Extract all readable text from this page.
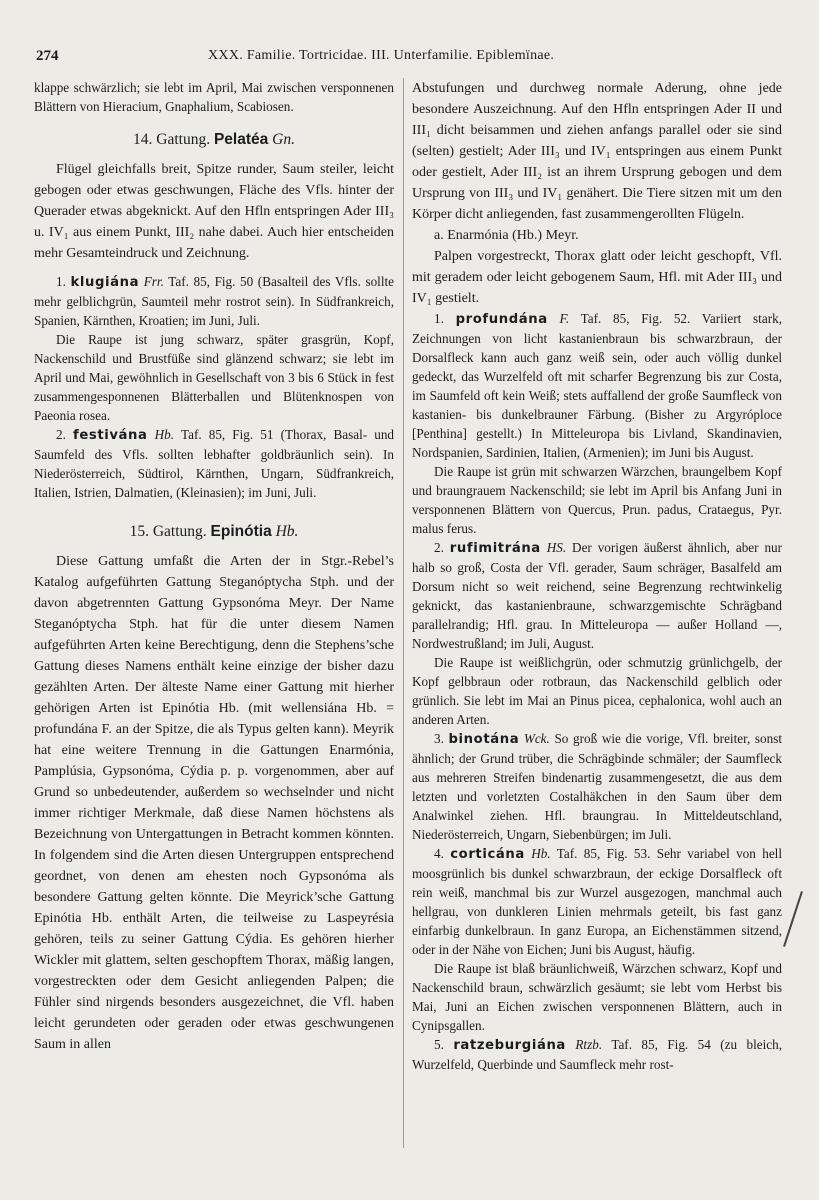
274	XXX. Familie. Tortricidae. III. Unterfamilie. Epiblemïnae.

klappe schwärzlich; sie lebt im April, Mai zwischen versponnenen Blättern von Hieracium, Gnaphalium, Scabiosen.

14. Gattung. Pelatéa Gn.

Flügel gleichfalls breit, Spitze runder, Saum steiler, leicht gebogen oder etwas geschwungen, Fläche des Vfls. hinter der Querader etwas abgeknickt. Auf den Hfln entspringen Ader III₃ u. IV₁ aus einem Punkt, III₂ nahe dabei. Auch hier entscheiden mehr Gesamteindruck und Zeichnung.

1. klugiána Frr. Taf. 85, Fig. 50 (Basalteil des Vfls. sollte mehr gelblichgrün, Saumteil mehr rostrot sein). In Südfrankreich, Spanien, Kärnthen, Kroatien; im Juni, Juli.

Die Raupe ist jung schwarz, später grasgrün, Kopf, Nackenschild und Brustfüße sind glänzend schwarz; sie lebt im April und Mai, gewöhnlich in Gesellschaft von 3 bis 6 Stück in fest zusammengesponnenen Blätterballen und Blütenknospen von Paeonia rosea.

2. festivána Hb. Taf. 85, Fig. 51 (Thorax, Basal- und Saumfeld des Vfls. sollten lebhafter goldbräunlich sein). In Niederösterreich, Südtirol, Kärnthen, Ungarn, Südfrankreich, Italien, Istrien, Dalmatien, (Kleinasien); im Juni, Juli.

15. Gattung. Epinótia Hb.

Diese Gattung umfaßt die Arten der in Stgr.-Rebel’s Katalog aufgeführten Gattung Steganóptycha Stph. und der davon abgetrennten Gattung Gypsonóma Meyr. Der Name Steganóptycha Stph. hat für die unter diesem Namen aufgeführten Arten keine Berechtigung, denn die Stephens’sche Gattung dieses Namens enthält keine einzige der bisher dazu gezählten Arten. Der älteste Name einer Gattung mit hierher gehörigen Arten ist Epinótia Hb. (mit wellensiána Hb. = profundána F. an der Spitze, die als Typus gelten kann). Meyrik hat eine weitere Trennung in die Gattungen Enarmónia, Pamplúsia, Gypsonóma, Cýdia p. p. vorgenommen, aber auf Grund so unbedeutender, außerdem so wechselnder und nicht immer richtiger Merkmale, daß diese Namen höchstens als Bezeichnung von Untergattungen in Betracht kommen könnten. In folgendem sind die Arten diesen Untergruppen entsprechend geordnet, von denen am ehesten noch Gypsonóma als besondere Gattung gelten könnte. Die Meyrick’sche Gattung Epinótia Hb. enthält Arten, die teilweise zu Laspeyrésia gehören, teils zu seiner Gattung Cýdia. Es gehören hierher Wickler mit glattem, selten geschopftem Thorax, mäßig langen, vorgestreckten oder dem Gesicht anliegenden Palpen; die Fühler sind nirgends besonders ausgezeichnet, die Vfl. haben leicht gerundeten oder geraden oder etwas geschwungenen Saum in allen

Abstufungen und durchweg normale Aderung, ohne jede besondere Auszeichnung. Auf den Hfln entspringen Ader II und III₁ dicht beisammen und ziehen anfangs parallel oder sie sind (selten) gestielt; Ader III₃ und IV₁ entspringen aus einem Punkt oder gestielt, Ader III₂ ist an ihrem Ursprung gebogen und dem Ursprung von III₃ und IV₁ genähert. Die Tiere sitzen mit um den Körper dicht anliegenden, fast zusammengerollten Flügeln.

a. Enarmónia (Hb.) Meyr.

Palpen vorgestreckt, Thorax glatt oder leicht geschopft, Vfl. mit geradem oder leicht gebogenem Saum, Hfl. mit Ader III₃ und IV₁ gestielt.

1. profundána F. Taf. 85, Fig. 52. Variiert stark, Zeichnungen von licht kastanienbraun bis schwarzbraun, der Dorsalfleck kann auch ganz weiß sein, oder auch völlig dunkel gedeckt, das Wurzelfeld oft mit scharfer Begrenzung bis zur Costa, im Saumfeld oft kein Weiß; stets auffallend der große Saumfleck von kastanien- bis dunkelbrauner Färbung. (Bisher zu Argyróploce [Penthina] gestellt.) In Mitteleuropa bis Livland, Skandinavien, Nordspanien, Sardinien, Italien, (Armenien); im Juni bis August.

Die Raupe ist grün mit schwarzen Wärzchen, braungelbem Kopf und braungrauem Nackenschild; sie lebt im April bis Anfang Juni in versponnenen Blättern von Quercus, Prun. padus, Crataegus, Pyr. malus ferus.

2. rufimitrána HS. Der vorigen äußerst ähnlich, aber nur halb so groß, Costa der Vfl. gerader, Saum schräger, Basalfeld am Dorsum nicht so weit reichend, seine Begrenzung rechtwinkelig geknickt, das kastanienbraune, schwarzgemischte Schrägband parallelrandig; Hfl. grau. In Mitteleuropa — außer Holland —, Nordwestrußland; im Juli, August.

Die Raupe ist weißlichgrün, oder schmutzig grünlichgelb, der Kopf gelbbraun oder rotbraun, das Nackenschild gelblich oder grünlich. Sie lebt im Mai an Pinus picea, cephalonica, wohl auch an anderen Arten.

3. binotána Wck. So groß wie die vorige, Vfl. breiter, sonst ähnlich; der Grund trüber, die Schrägbinde schmäler; der Saumfleck aus mehreren Streifen bindenartig zusammengesetzt, die aus dem letzten und vorletzten Costalhäkchen in den Saum über dem Analwinkel ziehen. Hfl. braungrau. In Mitteldeutschland, Niederösterreich, Ungarn, Siebenbürgen; im Juli.

4. corticána Hb. Taf. 85, Fig. 53. Sehr variabel von hell moosgrünlich bis dunkel schwarzbraun, der eckige Dorsalfleck oft rein weiß, manchmal bis zur Wurzel ausgezogen, manchmal auch hellgrau, von dunkleren Linien mehrmals geteilt, bis fast ganz einfarbig dunkelbraun. In ganz Europa, an Eichenstämmen sitzend, oder in der Nähe von Eichen; Juni bis August, häufig.

Die Raupe ist blaß bräunlichweiß, Wärzchen schwarz, Kopf und Nackenschild braun, schwärzlich gesäumt; sie lebt vom Herbst bis Mai, Juni an Eichen zwischen versponnenen Blättern, auch in Cynipsgallen.

5. ratzeburgiána Rtzb. Taf. 85, Fig. 54 (zu bleich, Wurzelfeld, Querbinde und Saumfleck mehr rost-
